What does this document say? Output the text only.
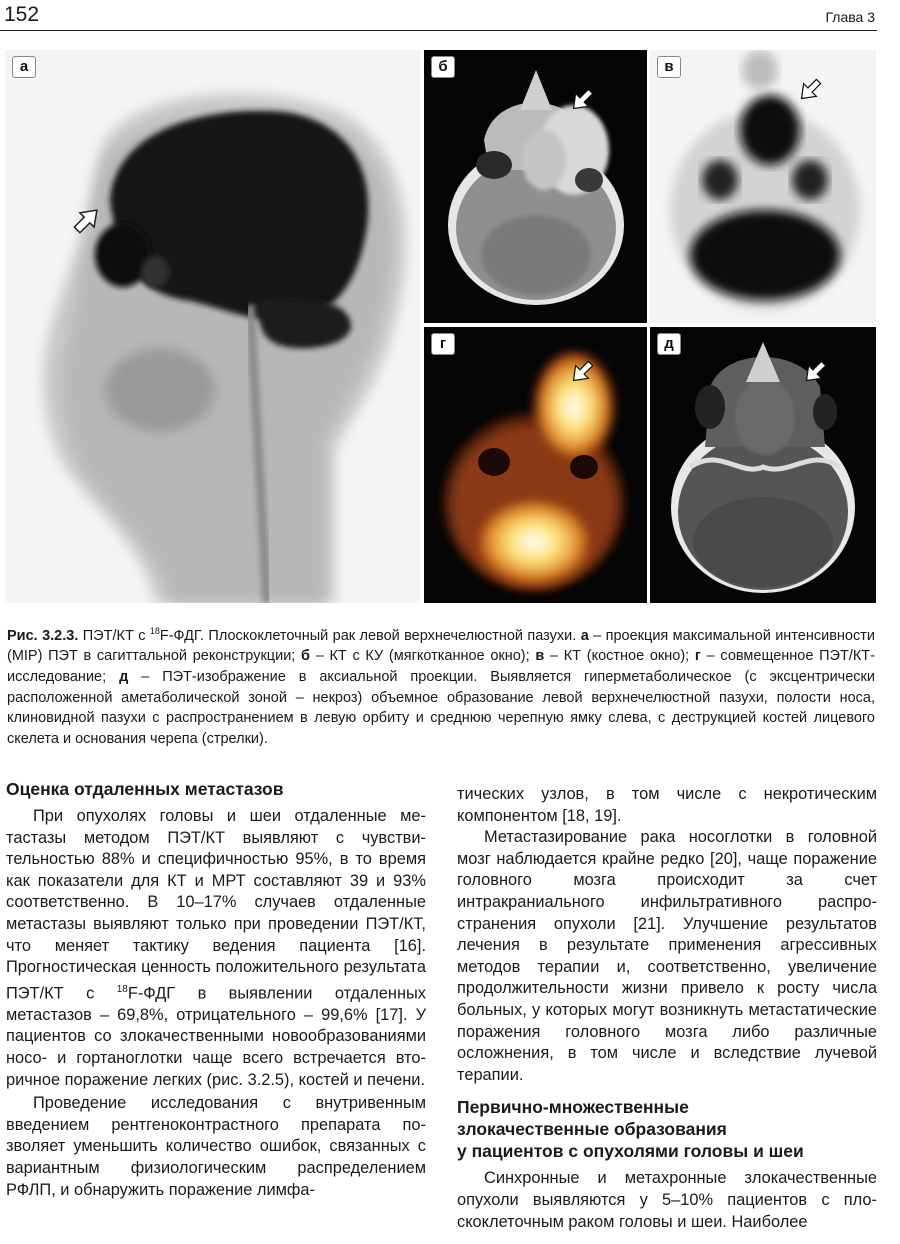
152	Глава 3
а	б	в
г	д
Рис. 3.2.3. ПЭТ/КТ с $^{18}$F-ФДГ. Плоскоклеточный рак левой верхнечелюстной пазухи. а – проекция максимальной интенсивности (MIP) ПЭТ в сагиттальной реконструкции; б – КТ с КУ (мягкотканное окно); в – КТ (костное окно); г – совмещенное ПЭТ/КТ-исследование; д – ПЭТ-изображение в аксиальной проекции. Выявляется гиперметаболическое (с эксцентрически расположенной аметаболической зоной – некроз) объемное образование левой верхнечелюстной пазухи, полости носа, клиновидной пазухи с распространением в левую орбиту и среднюю черепную ямку слева, с деструкцией костей лицевого скелета и основания черепа (стрелки).
Оценка отдаленных метастазов

При опухолях головы и шеи отдаленные метастазы методом ПЭТ/КТ выявляют с чувствительностью 88% и специфичностью 95%, в то время как показатели для КТ и МРТ составляют 39 и 93% соответственно. В 10–17% случаев отдаленные метастазы выявляют только при проведении ПЭТ/КТ, что меняет тактику ведения пациента [16]. Прогностическая ценность положительного результата ПЭТ/КТ с $^{18}$F-ФДГ в выявлении отдаленных метастазов – 69,8%, отрицательного – 99,6% [17]. У пациентов со злокачественными новообразованиями носо- и гортаноглотки чаще всего встречается вторичное поражение легких (рис. 3.2.5), костей и печени.

Проведение исследования с внутривенным введением рентгеноконтрастного препарата позволяет уменьшить количество ошибок, связанных с вариантным физиологическим распределением РФЛП, и обнаружить поражение лимфа-

тических узлов, в том числе с некротическим компонентом [18, 19].

Метастазирование рака носоглотки в головной мозг наблюдается крайне редко [20], чаще поражение головного мозга происходит за счет интракраниального инфильтративного распространения опухоли [21]. Улучшение результатов лечения в результате применения агрессивных методов терапии и, соответственно, увеличение продолжительности жизни привело к росту числа больных, у которых могут возникнуть метастатические поражения головного мозга либо различные осложнения, в том числе и вследствие лучевой терапии.

Первично-множественные
злокачественные образования
у пациентов с опухолями головы и шеи

Синхронные и метахронные злокачественные опухоли выявляются у 5–10% пациентов с плоскоклеточным раком головы и шеи. Наиболее
